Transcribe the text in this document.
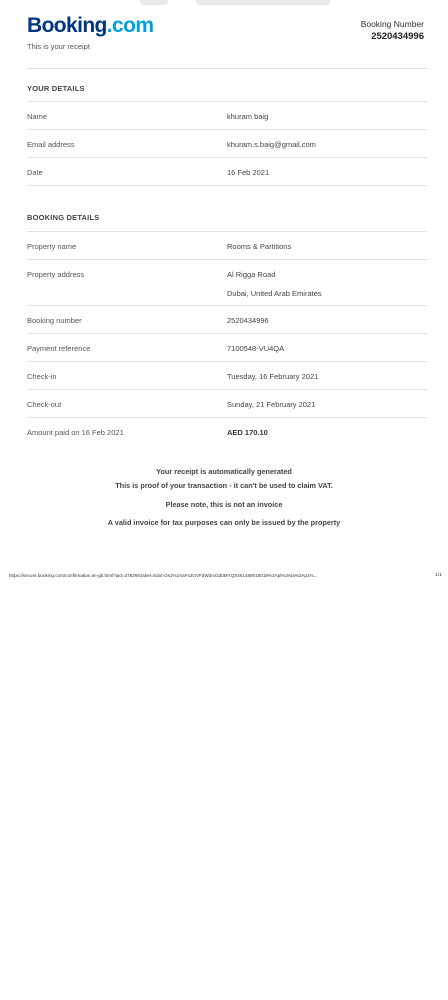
Booking.com
This is your receipt
Booking Number
2520434996
YOUR DETAILS
Name	khuram baig
Email address	khuram.s.baig@gmail.com
Date	16 Feb 2021
BOOKING DETAILS
Property name	Rooms & Partitions
Property address	Al Rigga Road
Dubai, United Arab Emirates
Booking number	2520434996
Payment reference	7100548-VU4QA
Check-in	Tuesday, 16 February 2021
Check-out	Sunday, 21 February 2021
Amount paid on 16 Feb 2021	AED 170.10
Your receipt is automatically generated
This is proof of your transaction - it can't be used to claim VAT.
Please note, this is not an invoice
A valid invoice for tax purposes can only be issued by the property
https://secure.booking.com/confirmation.en-gb.html?aid=378266;label=bdot-Os1%2AaFx2GVFdW3rxGd0MYQS461489016018%3Apl%3Ata%3Ap1%...	1/1
